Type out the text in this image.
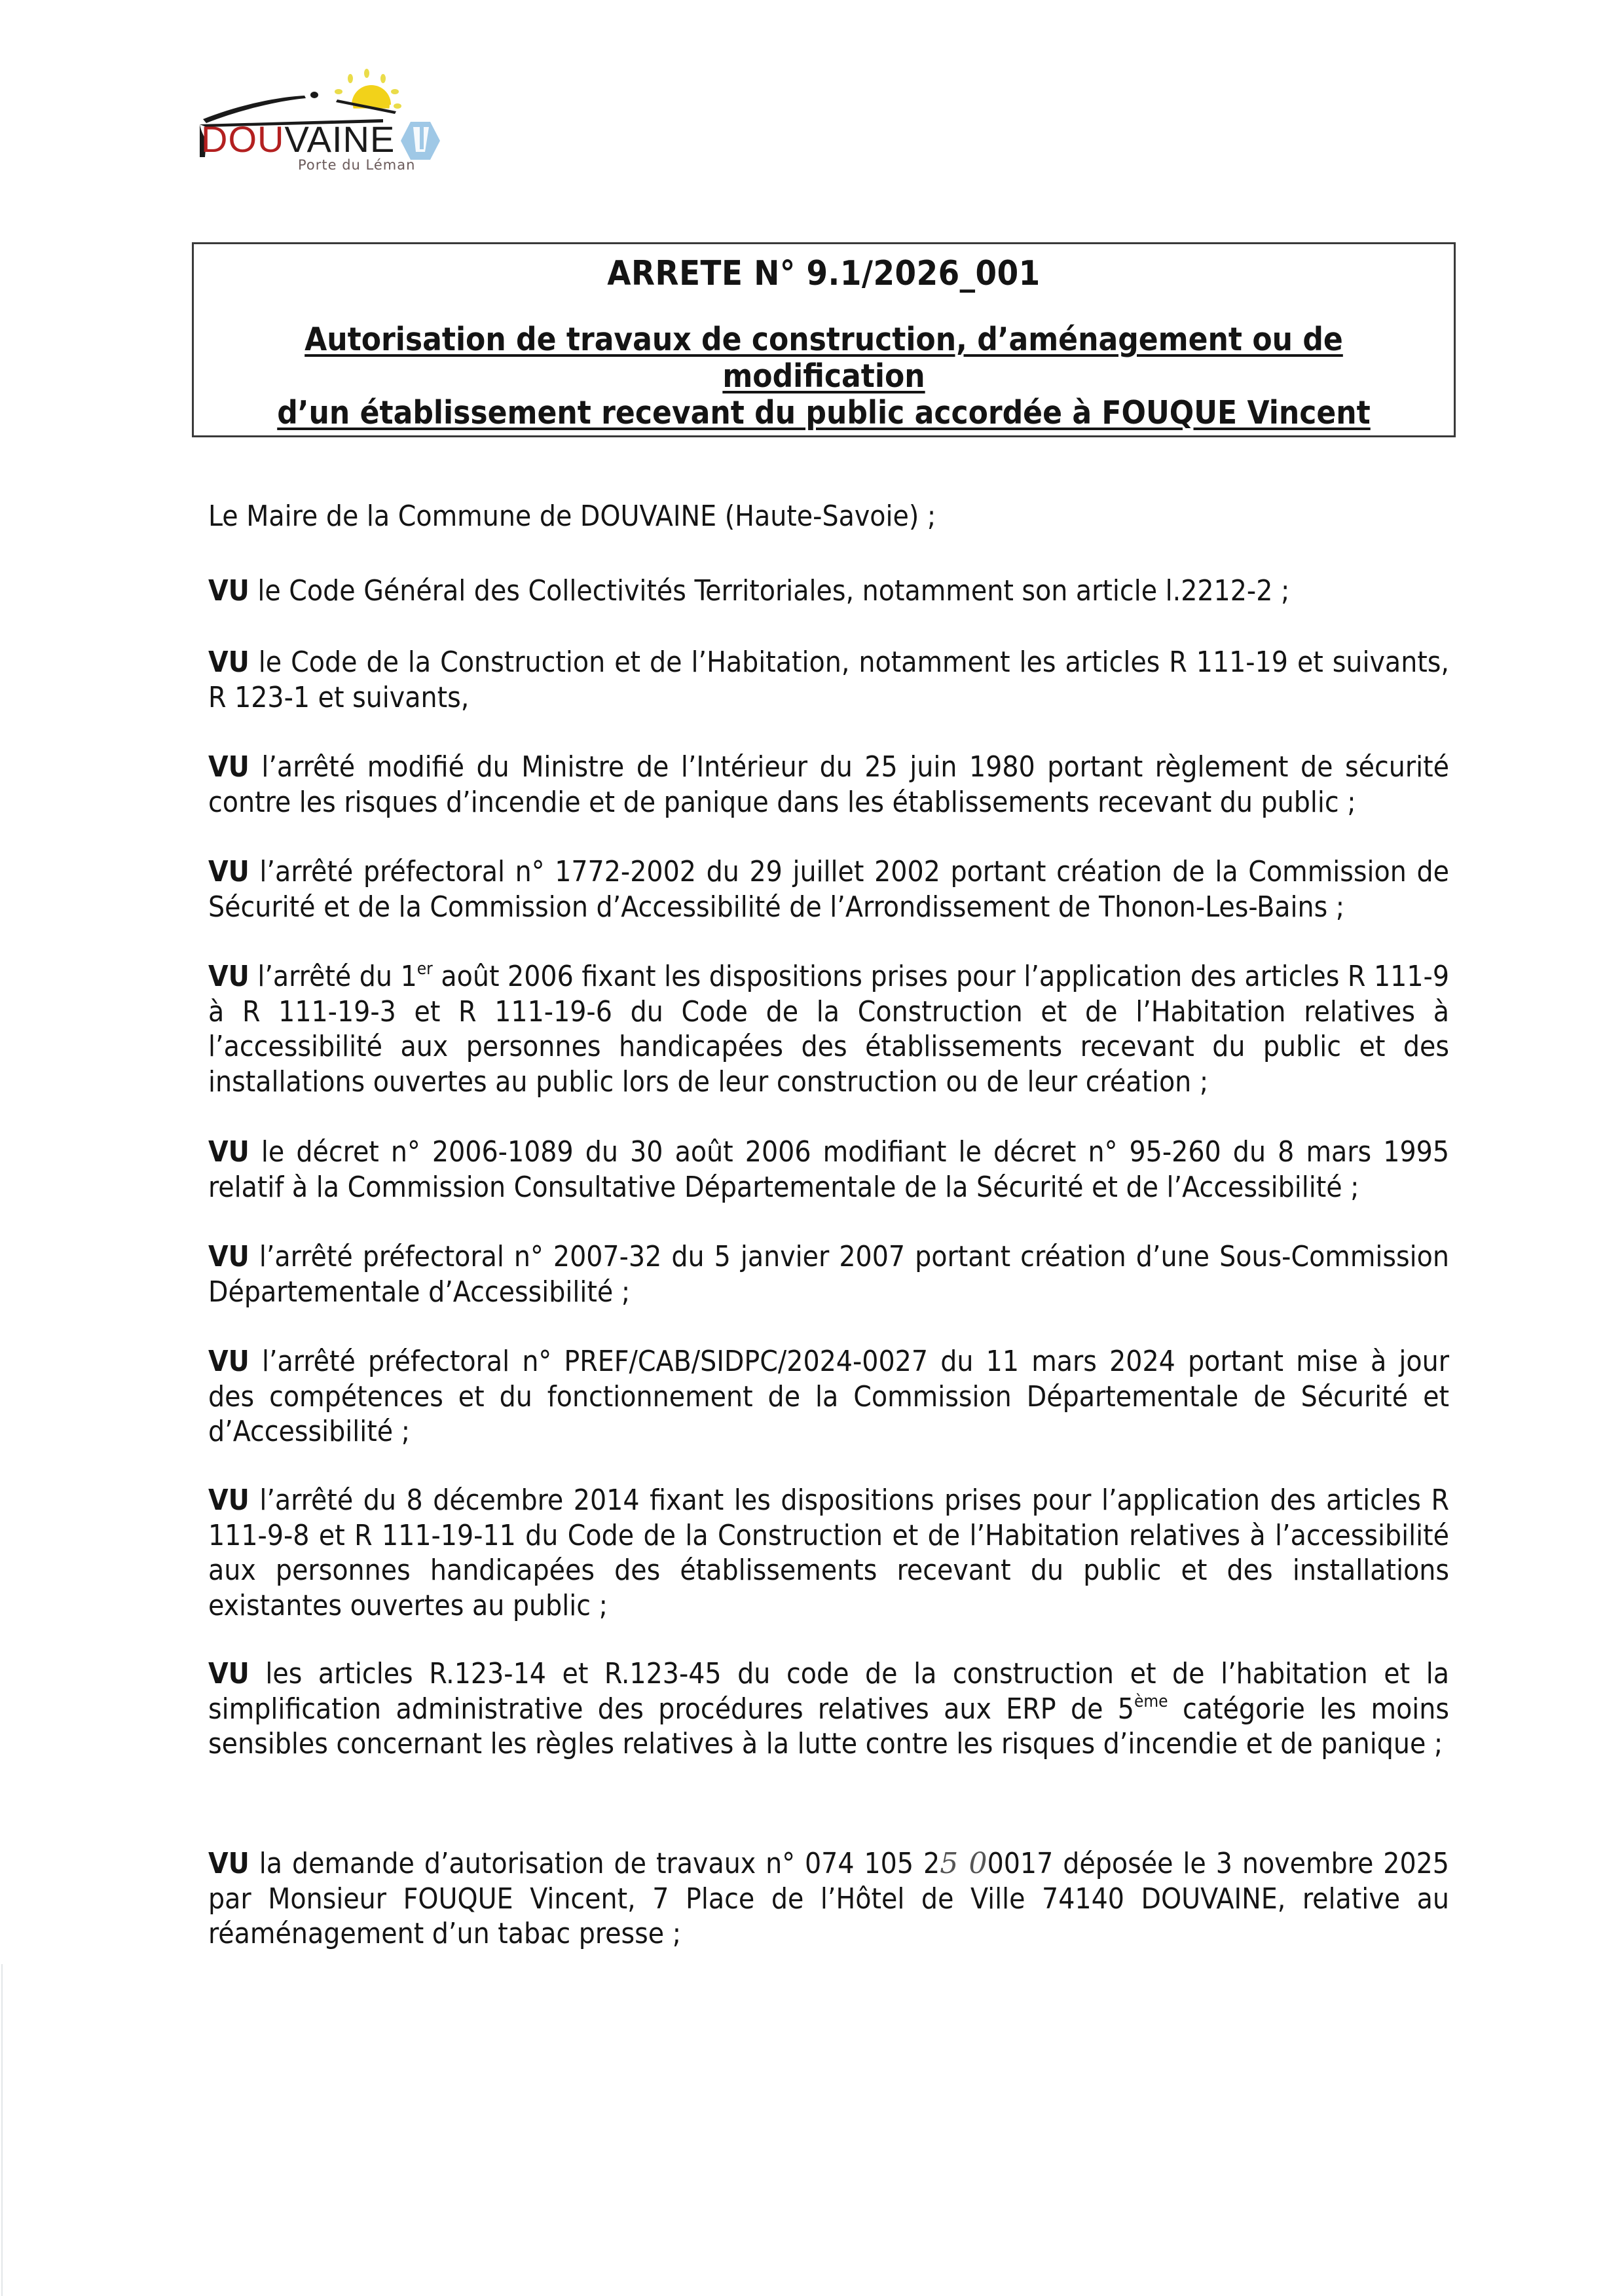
DOUVAINE
Porte du Léman
ARRETE N° 9.1/2026_001
Autorisation de travaux de construction, d’aménagement ou de modification
d’un établissement recevant du public accordée à FOUQUE Vincent

Le Maire de la Commune de DOUVAINE (Haute-Savoie) ;

VU le Code Général des Collectivités Territoriales, notamment son article l.2212-2 ;

VU le Code de la Construction et de l’Habitation, notamment les articles R 111-19 et suivants, R 123-1 et suivants,

VU l’arrêté modifié du Ministre de l’Intérieur du 25 juin 1980 portant règlement de sécurité contre les risques d’incendie et de panique dans les établissements recevant du public ;

VU l’arrêté préfectoral n° 1772-2002 du 29 juillet 2002 portant création de la Commission de Sécurité et de la Commission d’Accessibilité de l’Arrondissement de Thonon-Les-Bains ;

VU l’arrêté du 1er août 2006 fixant les dispositions prises pour l’application des articles R 111-9 à R 111-19-3 et R 111-19-6 du Code de la Construction et de l’Habitation relatives à l’accessibilité aux personnes handicapées des établissements recevant du public et des installations ouvertes au public lors de leur construction ou de leur création ;

VU le décret n° 2006-1089 du 30 août 2006 modifiant le décret n° 95-260 du 8 mars 1995 relatif à la Commission Consultative Départementale de la Sécurité et de l’Accessibilité ;

VU l’arrêté préfectoral n° 2007-32 du 5 janvier 2007 portant création d’une Sous-Commission Départementale d’Accessibilité ;

VU l’arrêté préfectoral n° PREF/CAB/SIDPC/2024-0027 du 11 mars 2024 portant mise à jour des compétences et du fonctionnement de la Commission Départementale de Sécurité et d’Accessibilité ;

VU l’arrêté du 8 décembre 2014 fixant les dispositions prises pour l’application des articles R 111-9-8 et R 111-19-11 du Code de la Construction et de l’Habitation relatives à l’accessibilité aux personnes handicapées des établissements recevant du public et des installations existantes ouvertes au public ;

VU les articles R.123-14 et R.123-45 du code de la construction et de l’habitation et la simplification administrative des procédures relatives aux ERP de 5ème catégorie les moins sensibles concernant les règles relatives à la lutte contre les risques d’incendie et de panique ;

VU la demande d’autorisation de travaux n° 074 105 25 00017 déposée le 3 novembre 2025 par Monsieur FOUQUE Vincent, 7 Place de l’Hôtel de Ville 74140 DOUVAINE, relative au réaménagement d’un tabac presse ;
